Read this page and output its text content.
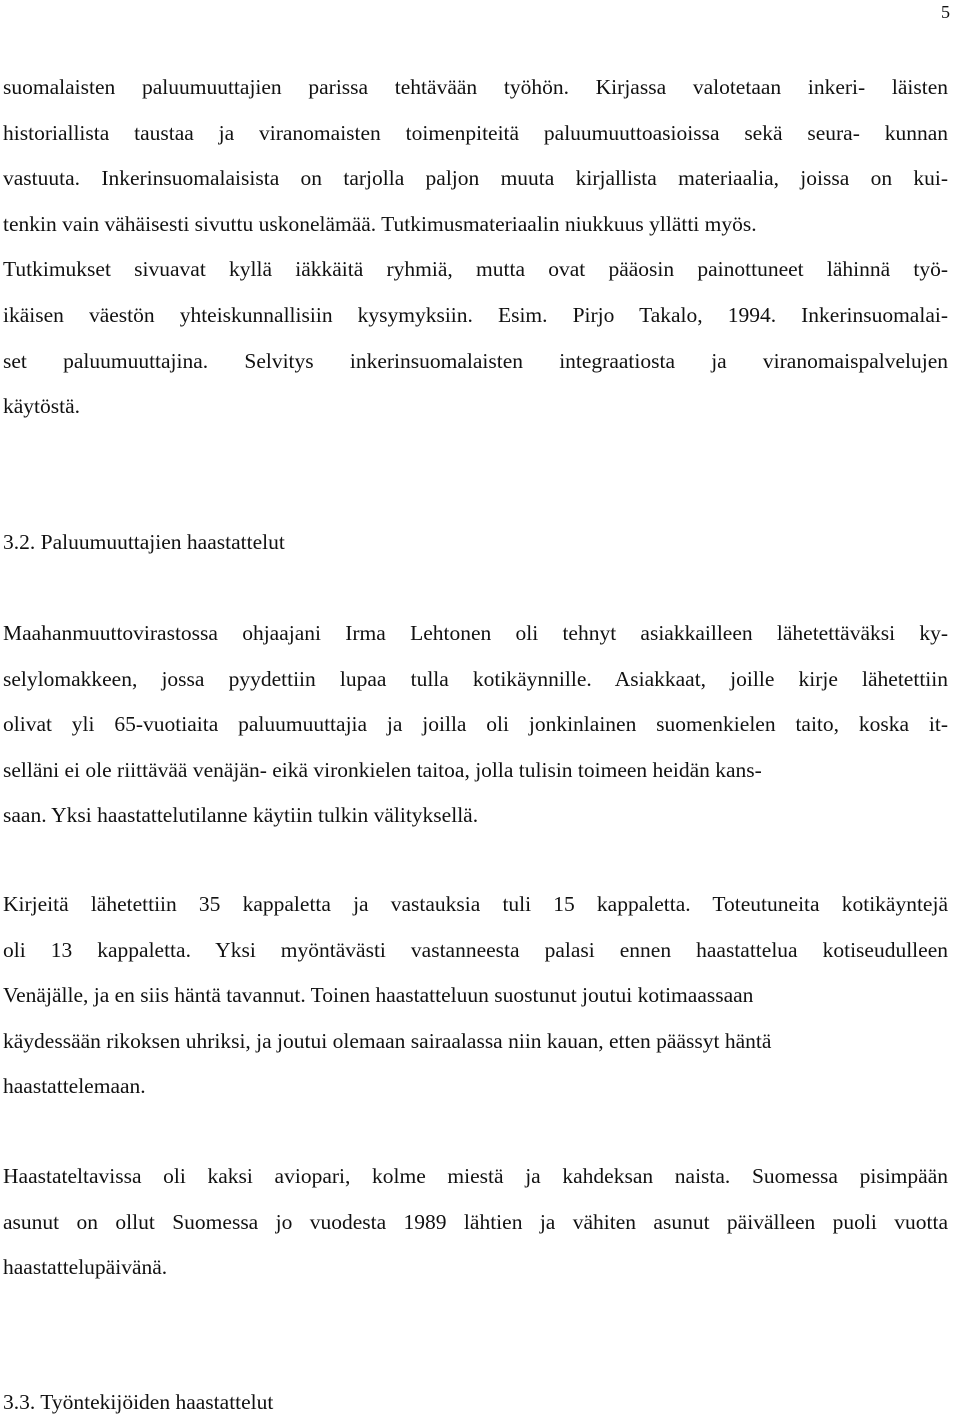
5
suomalaisten paluumuuttajien parissa tehtävään työhön. Kirjassa valotetaan inkeri- läisten
historiallista taustaa ja viranomaisten toimenpiteitä paluumuuttoasioissa sekä seura- kunnan
vastuuta. Inkerinsuomalaisista on tarjolla paljon muuta kirjallista materiaalia, joissa on kui-
tenkin vain vähäisesti sivuttu uskonelämää. Tutkimusmateriaalin niukkuus yllätti myös.
Tutkimukset sivuavat kyllä iäkkäitä ryhmiä, mutta ovat pääosin painottuneet lähinnä työ-
ikäisen väestön yhteiskunnallisiin kysymyksiin. Esim. Pirjo Takalo, 1994. Inkerinsuomalai-
set paluumuuttajina. Selvitys inkerinsuomalaisten integraatiosta ja viranomaispalvelujen
käytöstä.
3.2. Paluumuuttajien haastattelut
Maahanmuuttovirastossa ohjaajani Irma Lehtonen oli tehnyt asiakkailleen lähetettäväksi ky-
selylomakkeen, jossa pyydettiin lupaa tulla kotikäynnille. Asiakkaat, joille kirje lähetettiin
olivat yli 65-vuotiaita paluumuuttajia ja joilla oli jonkinlainen suomenkielen taito, koska it-
selläni ei ole riittävää venäjän- eikä vironkielen taitoa, jolla tulisin toimeen heidän kans-
saan. Yksi haastattelutilanne käytiin tulkin välityksellä.
Kirjeitä lähetettiin 35 kappaletta ja vastauksia tuli 15 kappaletta. Toteutuneita kotikäyntejä
oli 13 kappaletta. Yksi myöntävästi vastanneesta palasi ennen haastattelua kotiseudulleen
Venäjälle, ja en siis häntä tavannut. Toinen haastatteluun suostunut joutui kotimaassaan
käydessään rikoksen uhriksi, ja joutui olemaan sairaalassa niin kauan, etten päässyt häntä
haastattelemaan.
Haastateltavissa oli kaksi aviopari, kolme miestä ja kahdeksan naista. Suomessa pisimpään
asunut on ollut Suomessa jo vuodesta 1989 lähtien ja vähiten asunut päivälleen puoli vuotta
haastattelupäivänä.
3.3. Työntekijöiden haastattelut
